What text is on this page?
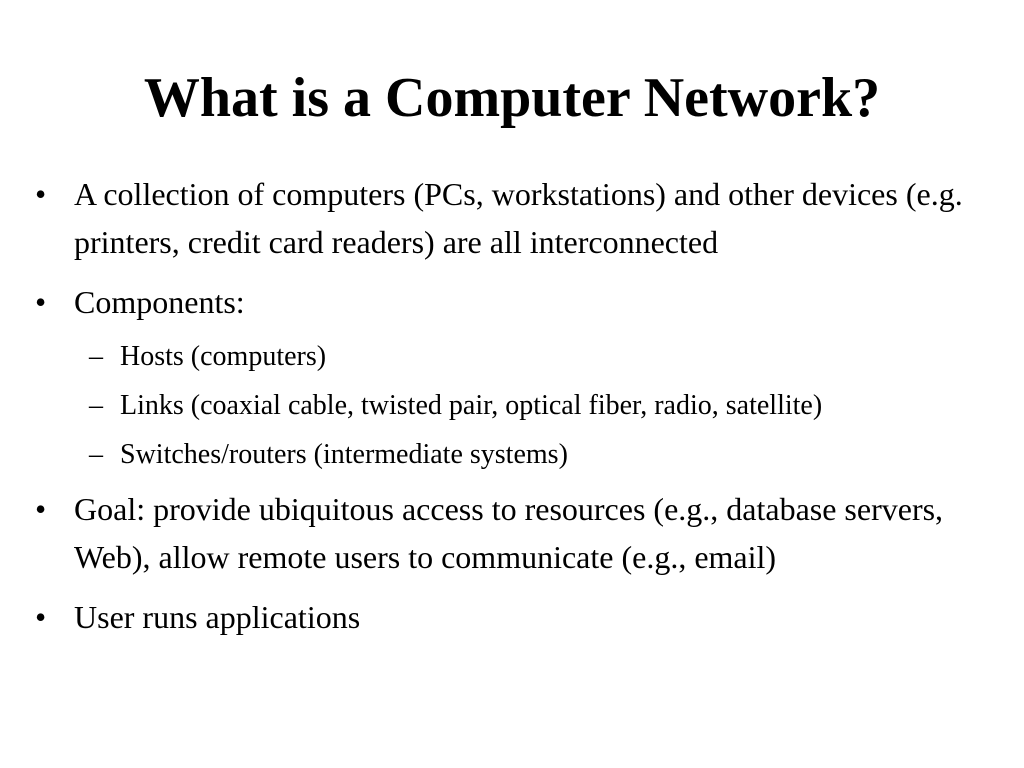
What is a Computer Network?
• A collection of computers (PCs, workstations) and other devices (e.g. printers, credit card readers) are all interconnected
• Components:
– Hosts (computers)
– Links (coaxial cable, twisted pair, optical fiber, radio, satellite)
– Switches/routers (intermediate systems)
• Goal: provide ubiquitous access to resources (e.g., database servers, Web), allow remote users to communicate (e.g., email)
• User runs applications
